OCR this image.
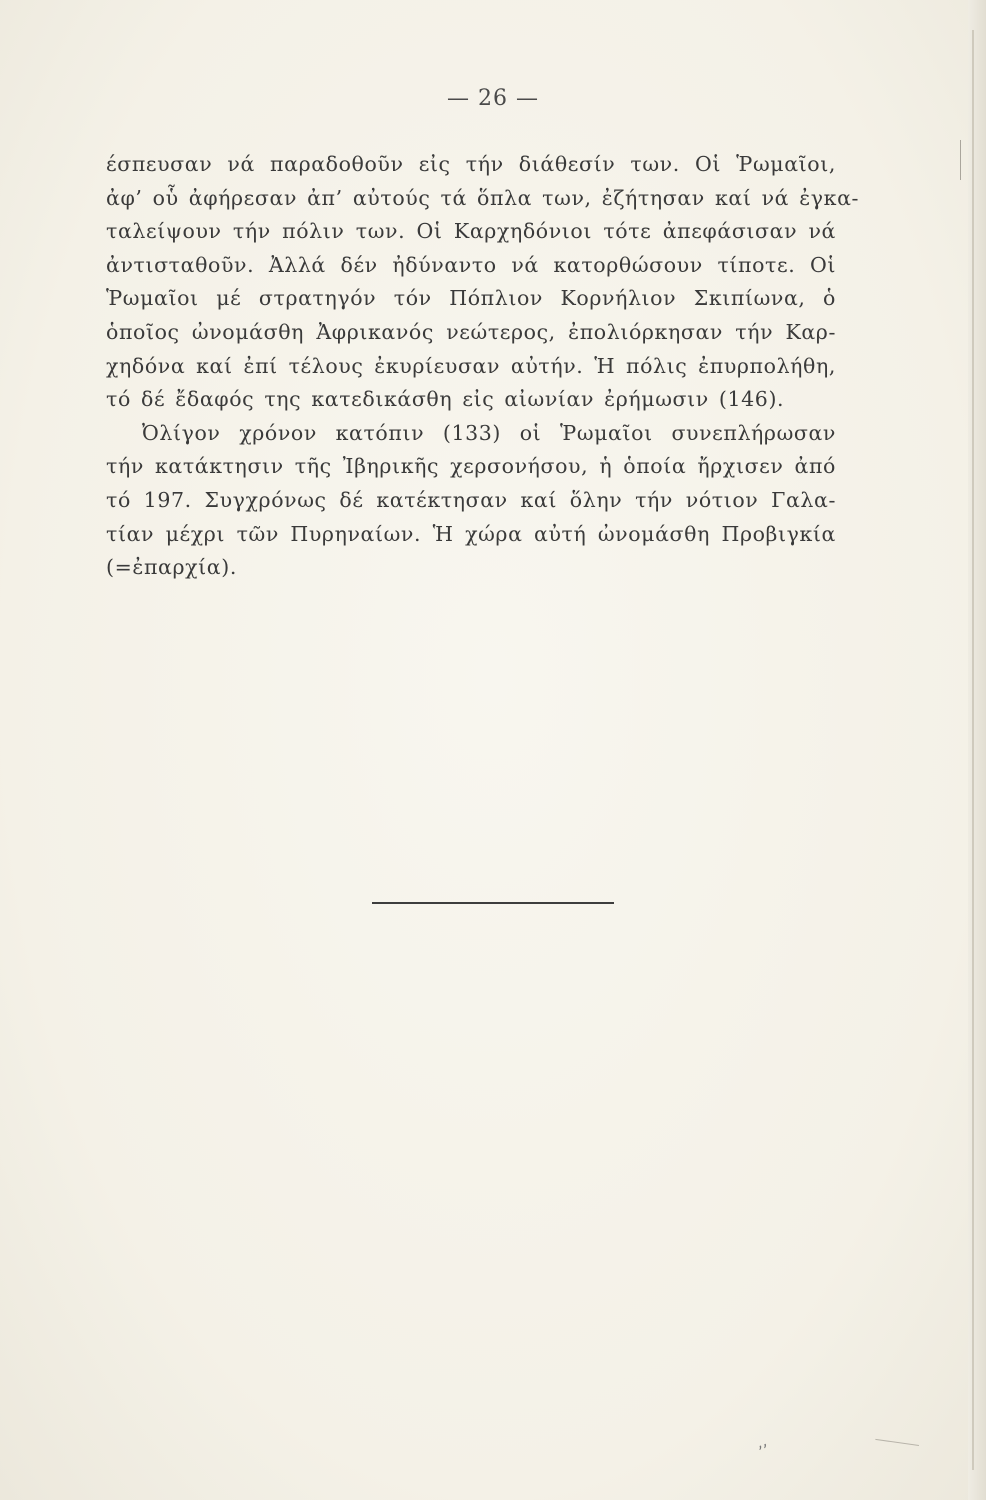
— 26 —
έσπευσαν νά παραδοθοῦν εἰς τήν διάθεσίν των. Οἱ Ῥωμαῖοι,
ἀφ’ οὗ ἀφήρεσαν ἀπ’ αὐτούς τά ὅπλα των, ἐζήτησαν καί νά ἐγκα-
ταλείψουν τήν πόλιν των. Οἱ Καρχηδόνιοι τότε ἀπεφάσισαν νά
ἀντισταθοῦν. Ἀλλά δέν ἠδύναντο νά κατορθώσουν τίποτε. Οἱ
Ῥωμαῖοι μέ στρατηγόν τόν Πόπλιον Κορνήλιον Σκιπίωνα, ὁ
ὁποῖος ὠνομάσθη Ἀφρικανός νεώτερος, ἐπολιόρκησαν τήν Καρ-
χηδόνα καί ἐπί τέλους ἐκυρίευσαν αὐτήν. Ἡ πόλις ἐπυρπολήθη,
τό δέ ἔδαφός της κατεδικάσθη εἰς αἰωνίαν ἐρήμωσιν (146).
Ὀλίγον χρόνον κατόπιν (133) οἱ Ῥωμαῖοι συνεπλήρωσαν
τήν κατάκτησιν τῆς Ἰβηρικῆς χερσονήσου, ἡ ὁποία ἤρχισεν ἀπό
τό 197. Συγχρόνως δέ κατέκτησαν καί ὅλην τήν νότιον Γαλα-
τίαν μέχρι τῶν Πυρηναίων. Ἡ χώρα αὐτή ὠνομάσθη Προβιγκία
(=ἐπαρχία).
,,
